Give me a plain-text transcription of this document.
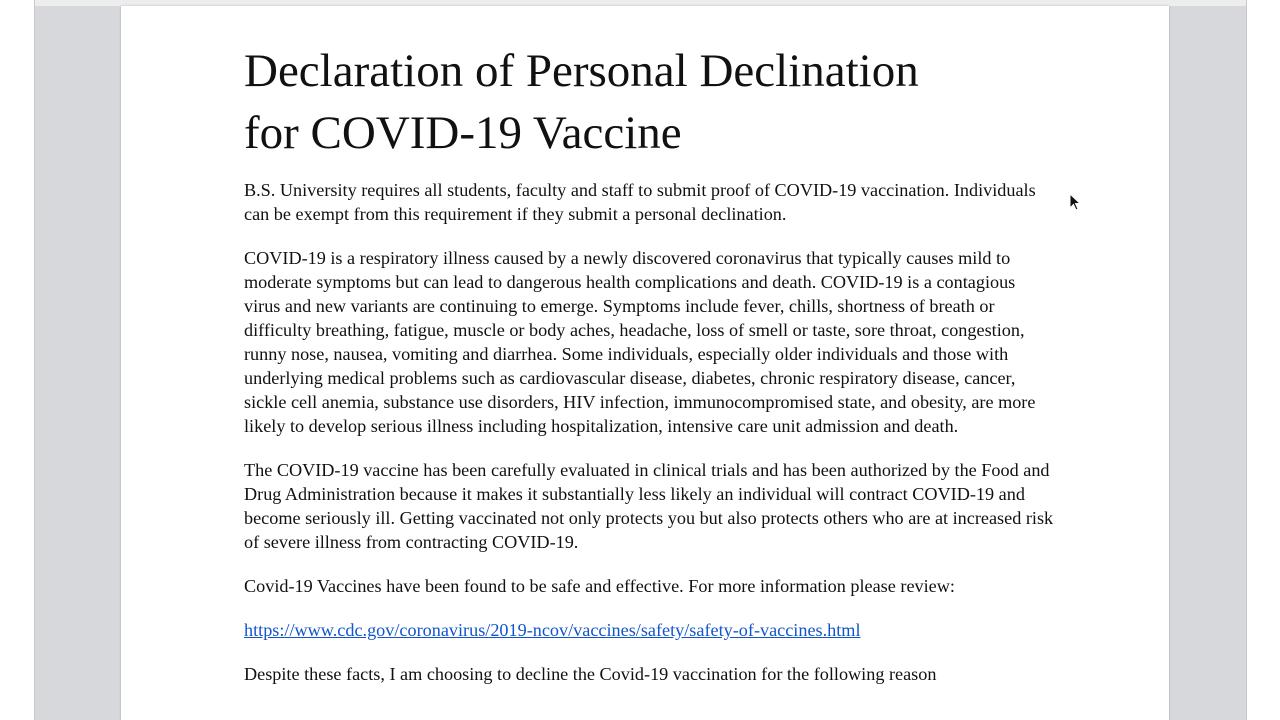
Declaration of Personal Declination
for COVID-19 Vaccine

B.S. University requires all students, faculty and staff to submit proof of COVID-19 vaccination. Individuals can be exempt from this requirement if they submit a personal declination.

COVID-19 is a respiratory illness caused by a newly discovered coronavirus that typically causes mild to moderate symptoms but can lead to dangerous health complications and death. COVID-19 is a contagious virus and new variants are continuing to emerge. Symptoms include fever, chills, shortness of breath or difficulty breathing, fatigue, muscle or body aches, headache, loss of smell or taste, sore throat, congestion, runny nose, nausea, vomiting and diarrhea. Some individuals, especially older individuals and those with underlying medical problems such as cardiovascular disease, diabetes, chronic respiratory disease, cancer, sickle cell anemia, substance use disorders, HIV infection, immunocompromised state, and obesity, are more likely to develop serious illness including hospitalization, intensive care unit admission and death.

The COVID-19 vaccine has been carefully evaluated in clinical trials and has been authorized by the Food and Drug Administration because it makes it substantially less likely an individual will contract COVID-19 and become seriously ill. Getting vaccinated not only protects you but also protects others who are at increased risk of severe illness from contracting COVID-19.

Covid-19 Vaccines have been found to be safe and effective. For more information please review:

https://www.cdc.gov/coronavirus/2019-ncov/vaccines/safety/safety-of-vaccines.html

Despite these facts, I am choosing to decline the Covid-19 vaccination for the following reason
